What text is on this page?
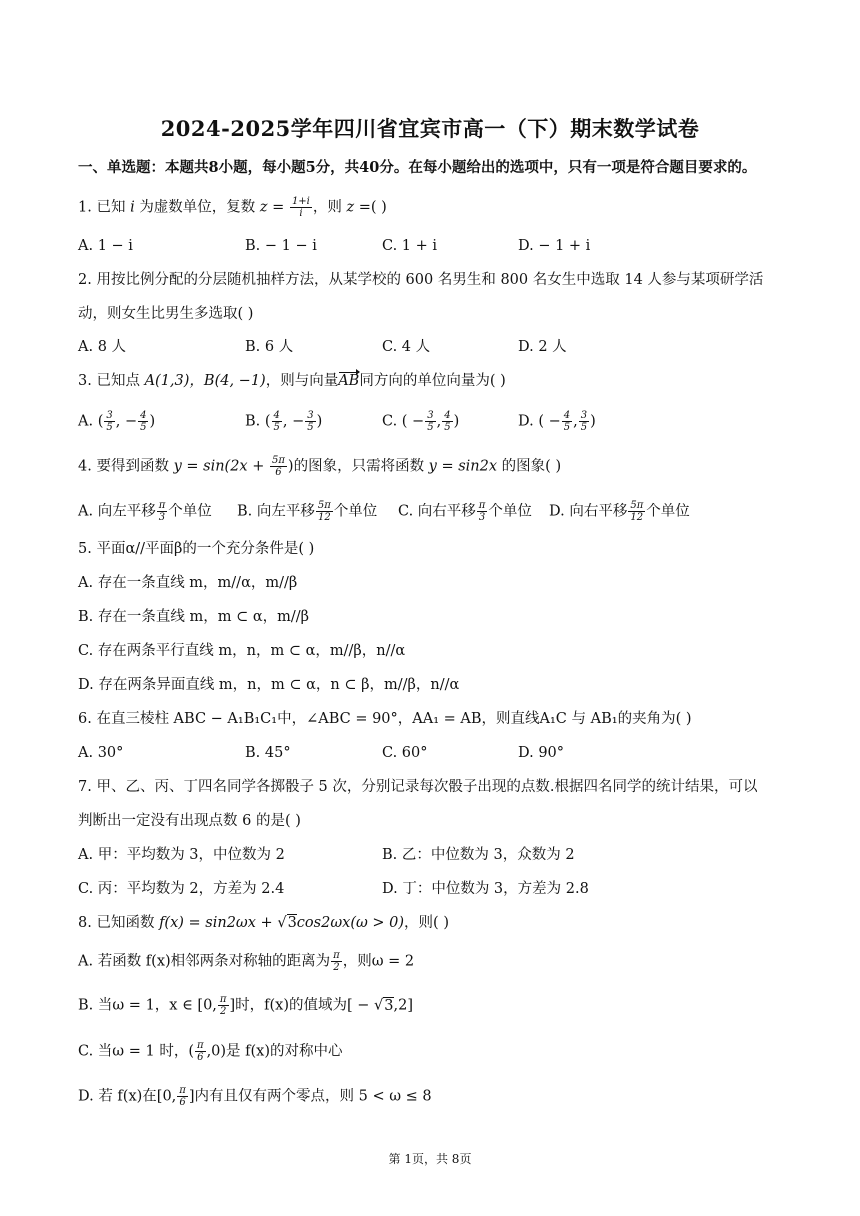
2024-2025学年四川省宜宾市高一（下）期末数学试卷
一、单选题：本题共8小题，每小题5分，共40分。在每小题给出的选项中，只有一项是符合题目要求的。
1. 已知 i 为虚数单位，复数 $z = \frac{1+i}{i}$ ，则 z =( )
A. 1 − i	B. − 1 − i	C. 1 + i	D. − 1 + i
2. 用按比例分配的分层随机抽样方法，从某学校的 600 名男生和 800 名女生中选取 14 人参与某项研学活
动，则女生比男生多选取( )
A. 8 人	B. 6 人	C. 4 人	D. 2 人
3. 已知点 A(1,3)，B(4, −1)，则与向量AB同方向的单位向量为( )
A. ( $\frac{3}{5}$ , − $\frac{4}{5}$ )	B. ( $\frac{4}{5}$ , − $\frac{3}{5}$ )	C. ( − $\frac{3}{5}$ , $\frac{4}{5}$ )	D. ( − $\frac{4}{5}$ , $\frac{3}{5}$ )
4. 要得到函数 $y = \sin(2x + \frac{5\pi}{6}$ )的图象，只需将函数 y = sin2x 的图象( )
A. 向左平移 $\frac{\pi}{3}$ 个单位 B. 向左平移 $\frac{5\pi}{12}$ 个单位 C. 向右平移 $\frac{\pi}{3}$ 个单位 D. 向右平移 $\frac{5\pi}{12}$ 个单位
5. 平面α//平面β的一个充分条件是( )
A. 存在一条直线 m，m//α，m//β
B. 存在一条直线 m，m ⊂ α，m//β
C. 存在两条平行直线 m，n，m ⊂ α，m//β，n//α
D. 存在两条异面直线 m，n，m ⊂ α，n ⊂ β，m//β，n//α
6. 在直三棱柱 ABC − A₁B₁C₁中，∠ABC = 90°，AA₁ = AB，则直线A₁C 与 AB₁的夹角为( )
A. 30°	B. 45°	C. 60°	D. 90°
7. 甲、乙、丙、丁四名同学各掷骰子 5 次，分别记录每次骰子出现的点数.根据四名同学的统计结果，可以
判断出一定没有出现点数 6 的是( )
A. 甲：平均数为 3，中位数为 2	B. 乙：中位数为 3，众数为 2
C. 丙：平均数为 2，方差为 2.4	D. 丁：中位数为 3，方差为 2.8
8. 已知函数 f(x) = sin2ωx + √3cos2ωx(ω > 0)，则( )
A. 若函数 f(x)相邻两条对称轴的距离为 $\frac{\pi}{2}$ ，则ω = 2
B. 当ω = 1，x ∈ [0, $\frac{\pi}{2}$ ]时，f(x)的值域为[ − √3,2]
C. 当ω = 1 时，( $\frac{\pi}{6} ,0$)是 f(x)的对称中心
D. 若 f(x)在[0, $\frac{\pi}{6}$ ]内有且仅有两个零点，则 5 < ω ≤ 8
第 1页，共 8页
